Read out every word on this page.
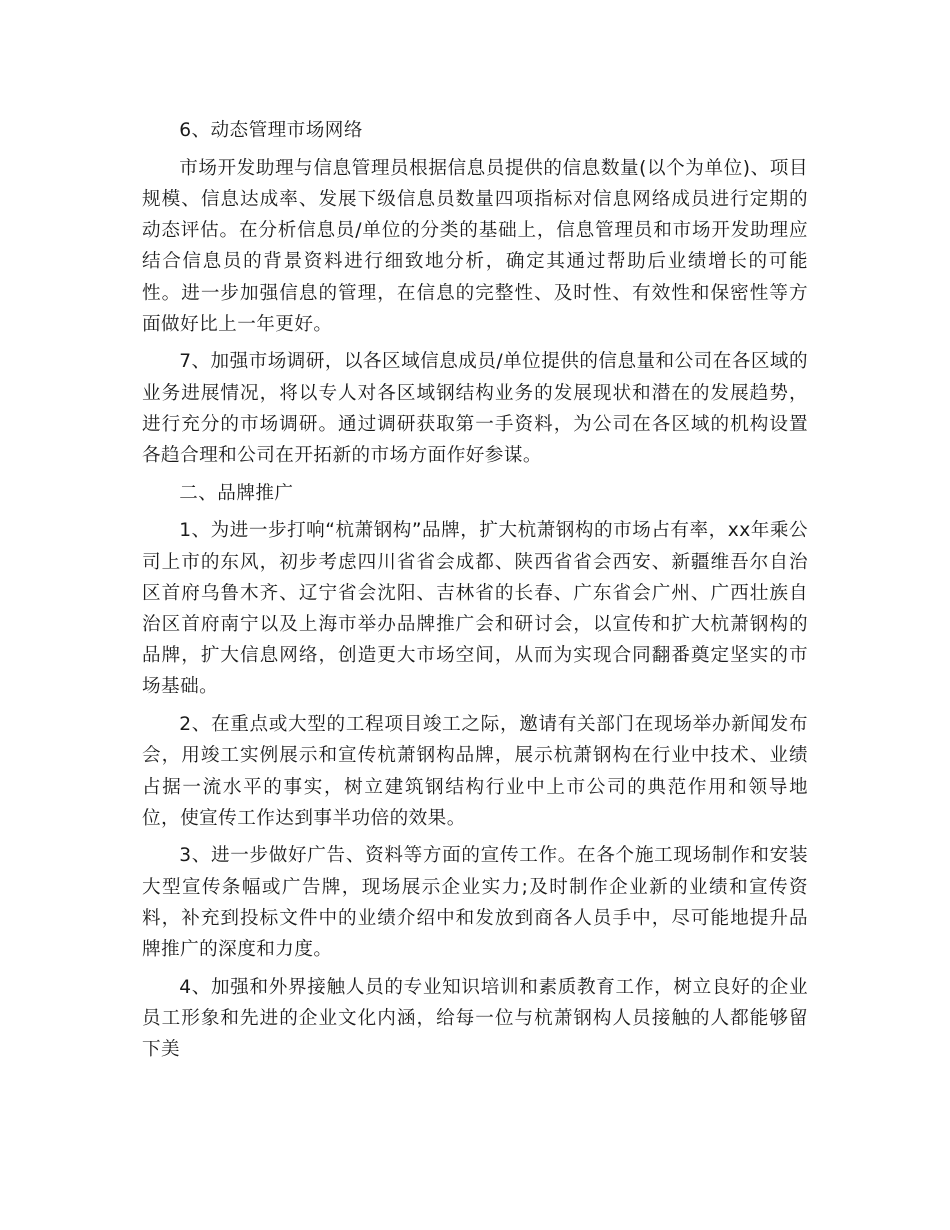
6、动态管理市场网络

市场开发助理与信息管理员根据信息员提供的信息数量(以个为单位)、项目规模、信息达成率、发展下级信息员数量四项指标对信息网络成员进行定期的动态评估。在分析信息员/单位的分类的基础上，信息管理员和市场开发助理应结合信息员的背景资料进行细致地分析，确定其通过帮助后业绩增长的可能性。进一步加强信息的管理，在信息的完整性、及时性、有效性和保密性等方面做好比上一年更好。

7、加强市场调研，以各区域信息成员/单位提供的信息量和公司在各区域的业务进展情况，将以专人对各区域钢结构业务的发展现状和潜在的发展趋势，进行充分的市场调研。通过调研获取第一手资料，为公司在各区域的机构设置各趋合理和公司在开拓新的市场方面作好参谋。

二、品牌推广

1、为进一步打响“杭萧钢构”品牌，扩大杭萧钢构的市场占有率，xx年乘公司上市的东风，初步考虑四川省省会成都、陕西省省会西安、新疆维吾尔自治区首府乌鲁木齐、辽宁省会沈阳、吉林省的长春、广东省会广州、广西壮族自治区首府南宁以及上海市举办品牌推广会和研讨会，以宣传和扩大杭萧钢构的品牌，扩大信息网络，创造更大市场空间，从而为实现合同翻番奠定坚实的市场基础。

2、在重点或大型的工程项目竣工之际，邀请有关部门在现场举办新闻发布会，用竣工实例展示和宣传杭萧钢构品牌，展示杭萧钢构在行业中技术、业绩占据一流水平的事实，树立建筑钢结构行业中上市公司的典范作用和领导地位，使宣传工作达到事半功倍的效果。

3、进一步做好广告、资料等方面的宣传工作。在各个施工现场制作和安装大型宣传条幅或广告牌，现场展示企业实力;及时制作企业新的业绩和宣传资料，补充到投标文件中的业绩介绍中和发放到商各人员手中，尽可能地提升品牌推广的深度和力度。

4、加强和外界接触人员的专业知识培训和素质教育工作，树立良好的企业员工形象和先进的企业文化内涵，给每一位与杭萧钢构人员接触的人都能够留下美
